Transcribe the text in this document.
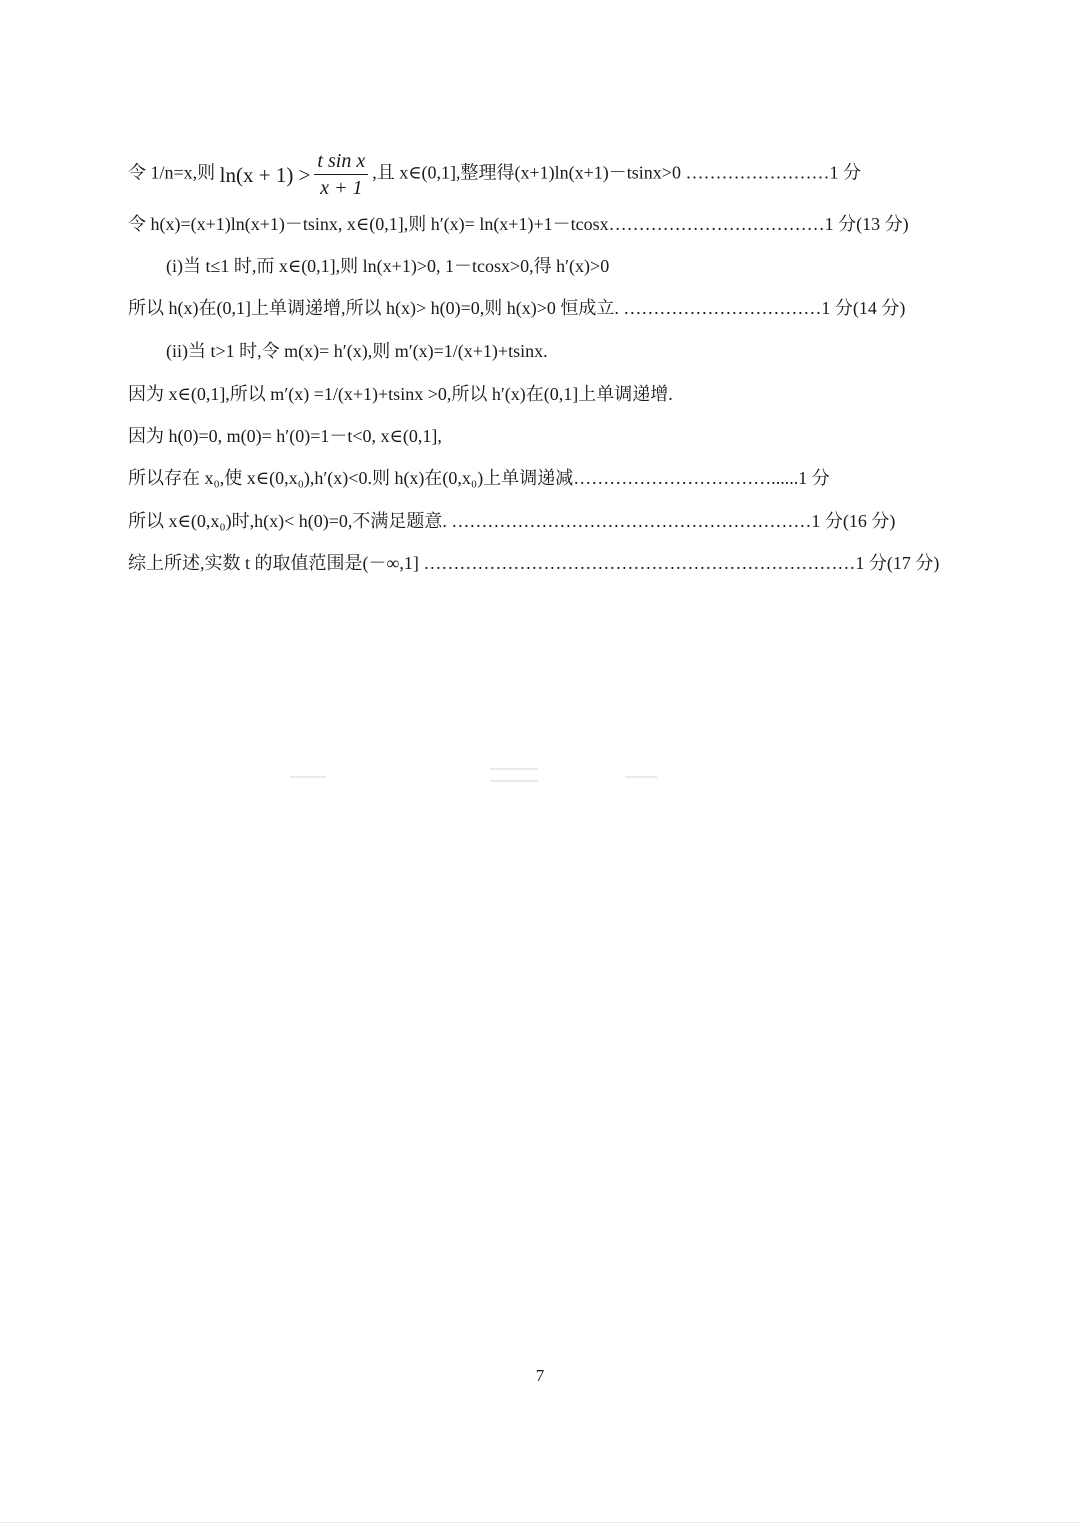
令 1/n=x,则 $\ln(x + 1) > \frac{\text{t sin x}}{x + 1}$ ,且 x∈(0,1],整理得(x+1)ln(x+1)－tsinx>0 ……………………1 分
令 h(x)=(x+1)ln(x+1)－tsinx, x∈(0,1],则 h′(x)= ln(x+1)+1－tcosx………………………………1 分(13 分)
(i)当 t≤1 时,而 x∈(0,1],则 ln(x+1)>0, 1－tcosx>0,得 h′(x)>0
所以 h(x)在(0,1]上单调递增,所以 h(x)> h(0)=0,则 h(x)>0 恒成立. ……………………………1 分(14 分)
(ii)当 t>1 时,令 m(x)= h′(x),则 m′(x)=1/(x+1)+tsinx.
因为 x∈(0,1],所以 m′(x) =1/(x+1)+tsinx >0,所以 h′(x)在(0,1]上单调递增.
因为 h(0)=0, m(0)= h′(0)=1－t<0, x∈(0,1],
所以存在 x₀,使 x∈(0,x₀),h′(x)<0.则 h(x)在(0,x₀)上单调递减……………………………......1 分
所以 x∈(0,x₀)时,h(x)< h(0)=0,不满足题意. ……………………………………………………1 分(16 分)
综上所述,实数 t 的取值范围是(－∞,1] ………………………………………………………………1 分(17 分)
7
